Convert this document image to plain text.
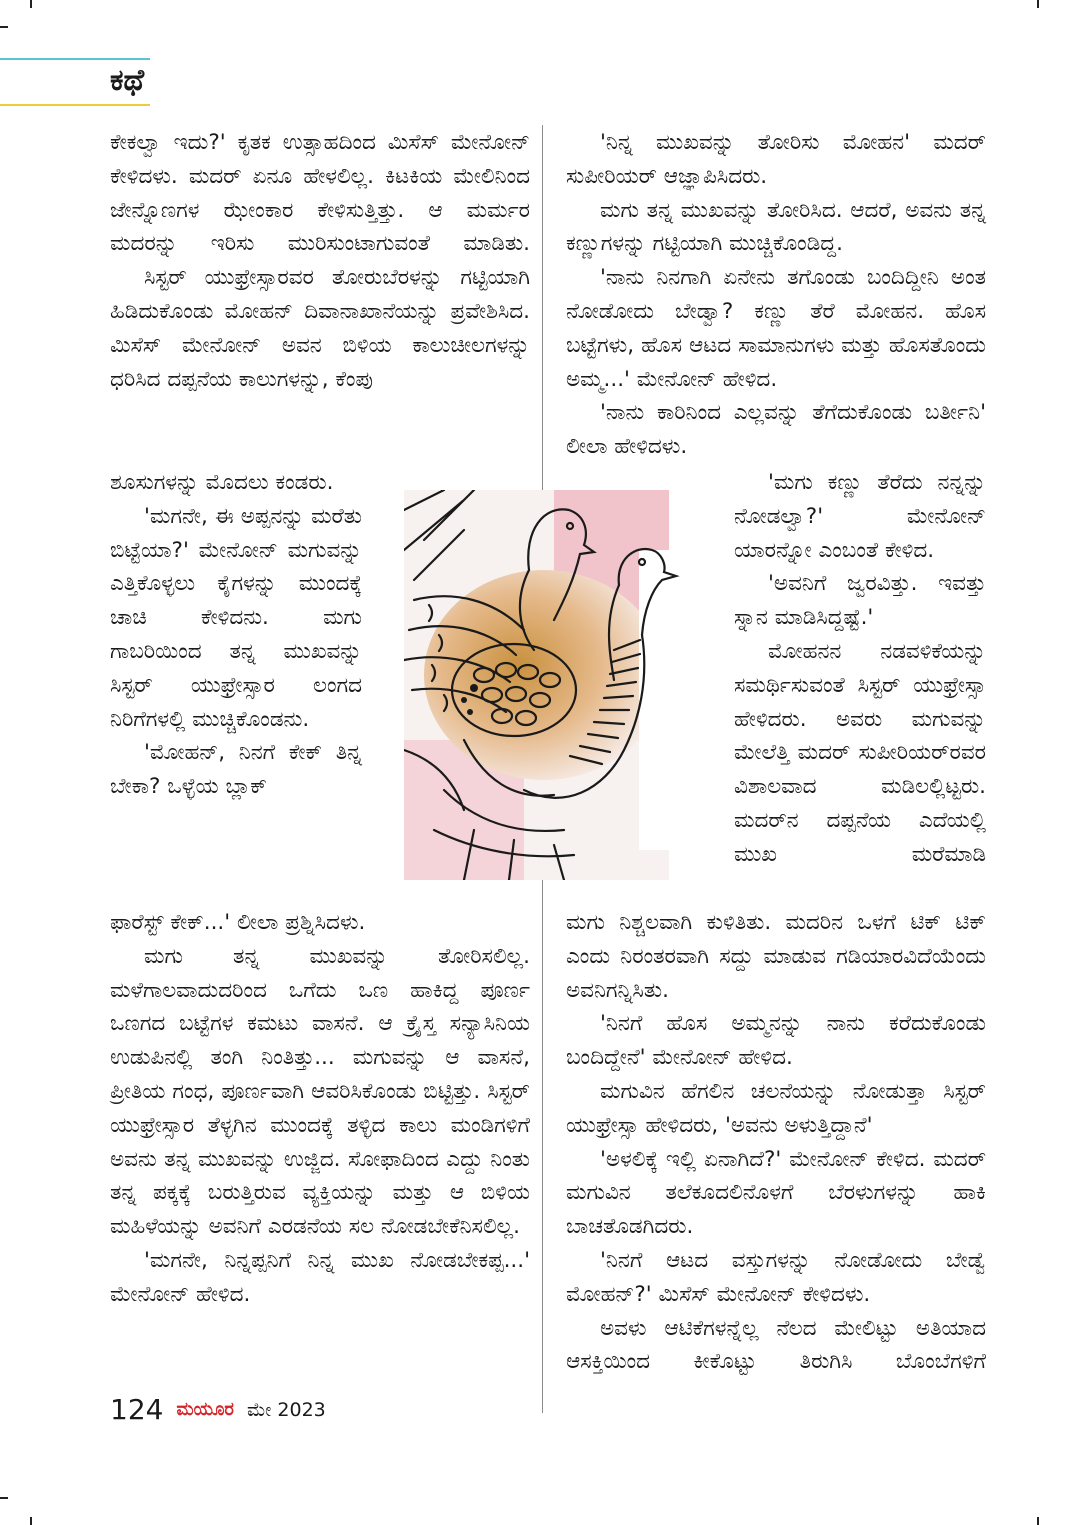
ಕಥೆ

ಕೇಕಲ್ವಾ ಇದು?' ಕೃತಕ ಉತ್ಸಾಹದಿಂದ ಮಿಸೆಸ್ ಮೇನೋನ್ ಕೇಳಿದಳು. ಮದರ್ ಏನೂ ಹೇಳಲಿಲ್ಲ. ಕಿಟಕಿಯ ಮೇಲಿನಿಂದ ಜೇನ್ನೊಣಗಳ ಝೇಂಕಾರ ಕೇಳಿಸುತ್ತಿತ್ತು. ಆ ಮರ್ಮರ ಮದರನ್ನು ಇರಿಸು ಮುರಿಸುಂಟಾಗುವಂತೆ ಮಾಡಿತು.

ಸಿಸ್ಟರ್ ಯುಫ್ರೇಸ್ಸಾರವರ ತೋರುಬೆರಳನ್ನು ಗಟ್ಟಿಯಾಗಿ ಹಿಡಿದುಕೊಂಡು ಮೋಹನ್ ದಿವಾನಾಖಾನೆಯನ್ನು ಪ್ರವೇಶಿಸಿದ. ಮಿಸೆಸ್ ಮೇನೋನ್ ಅವನ ಬಿಳಿಯ ಕಾಲುಚೀಲಗಳನ್ನು ಧರಿಸಿದ ದಪ್ಪನೆಯ ಕಾಲುಗಳನ್ನು, ಕೆಂಪು

ಶೂಸುಗಳನ್ನು ಮೊದಲು ಕಂಡರು.

'ಮಗನೇ, ಈ ಅಪ್ಪನನ್ನು ಮರೆತು ಬಿಟ್ಟೆಯಾ?' ಮೇನೋನ್ ಮಗುವನ್ನು ಎತ್ತಿಕೊಳ್ಳಲು ಕೈಗಳನ್ನು ಮುಂದಕ್ಕೆ ಚಾಚಿ ಕೇಳಿದನು. ಮಗು ಗಾಬರಿಯಿಂದ ತನ್ನ ಮುಖವನ್ನು ಸಿಸ್ಟರ್ ಯುಫ್ರೇಸ್ಸಾರ ಲಂಗದ ನಿರಿಗೆಗಳಲ್ಲಿ ಮುಚ್ಚಿಕೊಂಡನು.

'ಮೋಹನ್, ನಿನಗೆ ಕೇಕ್ ತಿನ್ನ ಬೇಕಾ? ಒಳ್ಳೆಯ ಬ್ಲಾಕ್

ಫಾರೆಸ್ಟ್ ಕೇಕ್...' ಲೀಲಾ ಪ್ರಶ್ನಿಸಿದಳು.

ಮಗು ತನ್ನ ಮುಖವನ್ನು ತೋರಿಸಲಿಲ್ಲ. ಮಳೆಗಾಲವಾದುದರಿಂದ ಒಗೆದು ಒಣ ಹಾಕಿದ್ದ ಪೂರ್ಣ ಒಣಗದ ಬಟ್ಟೆಗಳ ಕಮಟು ವಾಸನೆ. ಆ ಕ್ರೈಸ್ತ ಸನ್ಯಾಸಿನಿಯ ಉಡುಪಿನಲ್ಲಿ ತಂಗಿ ನಿಂತಿತ್ತು... ಮಗುವನ್ನು ಆ ವಾಸನೆ, ಪ್ರೀತಿಯ ಗಂಧ, ಪೂರ್ಣವಾಗಿ ಆವರಿಸಿಕೊಂಡು ಬಿಟ್ಟಿತ್ತು. ಸಿಸ್ಟರ್ ಯುಫ್ರೇಸ್ಸಾರ ತೆಳ್ಳಗಿನ ಮುಂದಕ್ಕೆ ತಳ್ಳಿದ ಕಾಲು ಮಂಡಿಗಳಿಗೆ ಅವನು ತನ್ನ ಮುಖವನ್ನು ಉಜ್ಜಿದ. ಸೋಫಾದಿಂದ ಎದ್ದು ನಿಂತು ತನ್ನ ಪಕ್ಕಕ್ಕೆ ಬರುತ್ತಿರುವ ವ್ಯಕ್ತಿಯನ್ನು ಮತ್ತು ಆ ಬಿಳಿಯ ಮಹಿಳೆಯನ್ನು ಅವನಿಗೆ ಎರಡನೆಯ ಸಲ ನೋಡಬೇಕೆನಿಸಲಿಲ್ಲ.

'ಮಗನೇ, ನಿನ್ನಪ್ಪನಿಗೆ ನಿನ್ನ ಮುಖ ನೋಡಬೇಕಪ್ಪ...' ಮೇನೋನ್ ಹೇಳಿದ.

'ನಿನ್ನ ಮುಖವನ್ನು ತೋರಿಸು ಮೋಹನ' ಮದರ್ ಸುಪೀರಿಯರ್ ಆಜ್ಞಾಪಿಸಿದರು.

ಮಗು ತನ್ನ ಮುಖವನ್ನು ತೋರಿಸಿದ. ಆದರೆ, ಅವನು ತನ್ನ ಕಣ್ಣುಗಳನ್ನು ಗಟ್ಟಿಯಾಗಿ ಮುಚ್ಚಿಕೊಂಡಿದ್ದ.

'ನಾನು ನಿನಗಾಗಿ ಏನೇನು ತಗೊಂಡು ಬಂದಿದ್ದೀನಿ ಅಂತ ನೋಡೋದು ಬೇಡ್ವಾ? ಕಣ್ಣು ತೆರೆ ಮೋಹನ. ಹೊಸ ಬಟ್ಟೆಗಳು, ಹೊಸ ಆಟದ ಸಾಮಾನುಗಳು ಮತ್ತು ಹೊಸತೊಂದು ಅಮ್ಮ...' ಮೇನೋನ್ ಹೇಳಿದ.

'ನಾನು ಕಾರಿನಿಂದ ಎಲ್ಲವನ್ನು ತೆಗೆದುಕೊಂಡು ಬರ್ತೀನಿ' ಲೀಲಾ ಹೇಳಿದಳು.

'ಮಗು ಕಣ್ಣು ತೆರೆದು ನನ್ನನ್ನು ನೋಡಲ್ವಾ?' ಮೇನೋನ್ ಯಾರನ್ನೋ ಎಂಬಂತೆ ಕೇಳಿದ.

'ಅವನಿಗೆ ಜ್ವರವಿತ್ತು. ಇವತ್ತು ಸ್ನಾನ ಮಾಡಿಸಿದ್ದಷ್ಟೆ.'

ಮೋಹನನ ನಡವಳಿಕೆಯನ್ನು ಸಮರ್ಥಿಸುವಂತೆ ಸಿಸ್ಟರ್ ಯುಫ್ರೇಸ್ಸಾ ಹೇಳಿದರು. ಅವರು ಮಗುವನ್ನು ಮೇಲೆತ್ತಿ ಮದರ್ ಸುಪೀರಿಯರ್‌ರವರ ವಿಶಾಲವಾದ ಮಡಿಲಲ್ಲಿಟ್ಟರು. ಮದರ್‌ನ ದಪ್ಪನೆಯ ಎದೆಯಲ್ಲಿ ಮುಖ ಮರೆಮಾಡಿ

ಮಗು ನಿಶ್ಚಲವಾಗಿ ಕುಳಿತಿತು. ಮದರಿನ ಒಳಗೆ ಟಿಕ್ ಟಿಕ್ ಎಂದು ನಿರಂತರವಾಗಿ ಸದ್ದು ಮಾಡುವ ಗಡಿಯಾರವಿದೆಯೆಂದು ಅವನಿಗನ್ನಿಸಿತು.

'ನಿನಗೆ ಹೊಸ ಅಮ್ಮನನ್ನು ನಾನು ಕರೆದುಕೊಂಡು ಬಂದಿದ್ದೇನೆ' ಮೇನೋನ್ ಹೇಳಿದ.

ಮಗುವಿನ ಹೆಗಲಿನ ಚಲನೆಯನ್ನು ನೋಡುತ್ತಾ ಸಿಸ್ಟರ್ ಯುಫ್ರೇಸ್ಸಾ ಹೇಳಿದರು, 'ಅವನು ಅಳುತ್ತಿದ್ದಾನೆ'

'ಅಳಲಿಕ್ಕೆ ಇಲ್ಲಿ ಏನಾಗಿದೆ?' ಮೇನೋನ್ ಕೇಳಿದ. ಮದರ್ ಮಗುವಿನ ತಲೆಕೂದಲಿನೊಳಗೆ ಬೆರಳುಗಳನ್ನು ಹಾಕಿ ಬಾಚತೊಡಗಿದರು.

'ನಿನಗೆ ಆಟದ ವಸ್ತುಗಳನ್ನು ನೋಡೋದು ಬೇಡ್ವೆ ಮೋಹನ್?' ಮಿಸೆಸ್ ಮೇನೋನ್ ಕೇಳಿದಳು.

ಅವಳು ಆಟಿಕೆಗಳನ್ನೆಲ್ಲ ನೆಲದ ಮೇಲಿಟ್ಟು ಅತಿಯಾದ ಆಸಕ್ತಿಯಿಂದ ಕೀಕೊಟ್ಟು ತಿರುಗಿಸಿ ಬೊಂಬೆಗಳಿಗೆ

124 ಮಯೂರ ಮೇ 2023
